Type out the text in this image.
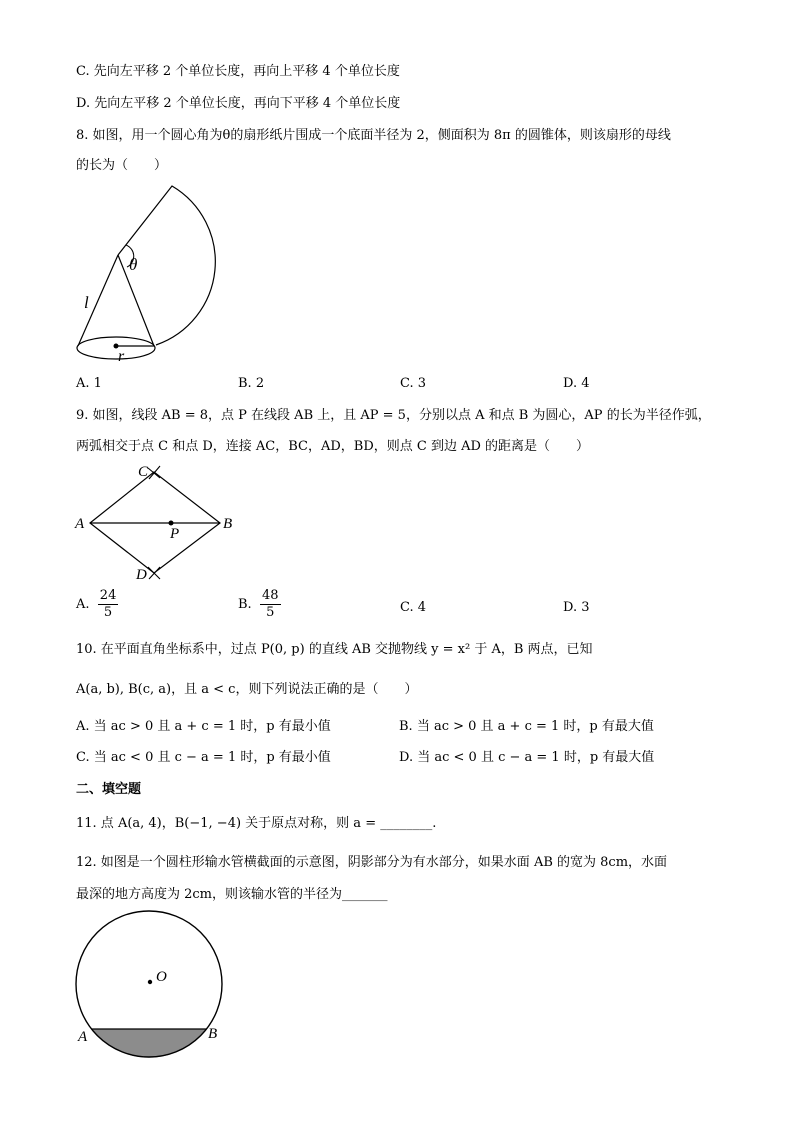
C. 先向左平移 2 个单位长度，再向上平移 4 个单位长度
D. 先向左平移 2 个单位长度，再向下平移 4 个单位长度
8. 如图，用一个圆心角为θ的扇形纸片围成一个底面半径为 2，侧面积为 8π 的圆锥体，则该扇形的母线
的长为（　　）
θ
l
r
A. 1	B. 2	C. 3	D. 4
9. 如图，线段 AB = 8，点 P 在线段 AB 上，且 AP = 5，分别以点 A 和点 B 为圆心，AP 的长为半径作弧，
两弧相交于点 C 和点 D，连接 AC，BC，AD，BD，则点 C 到边 AD 的距离是（　　）
A	B
C
D
P
A. $\frac{24}{5}$	B. $\frac{48}{5}$	C. 4	D. 3
10. 在平面直角坐标系中，过点 P(0, p) 的直线 AB 交抛物线 y = x² 于 A，B 两点，已知
A(a, b), B(c, a)，且 a < c，则下列说法正确的是（　　）
A. 当 ac > 0 且 a + c = 1 时，p 有最小值	B. 当 ac > 0 且 a + c = 1 时，p 有最大值
C. 当 ac < 0 且 c − a = 1 时，p 有最小值	D. 当 ac < 0 且 c − a = 1 时，p 有最大值
二、填空题
11. 点 A(a, 4)，B(−1, −4) 关于原点对称，则 a = ________.
12. 如图是一个圆柱形输水管横截面的示意图，阴影部分为有水部分，如果水面 AB 的宽为 8cm，水面
最深的地方高度为 2cm，则该输水管的半径为_______
O
A	B
